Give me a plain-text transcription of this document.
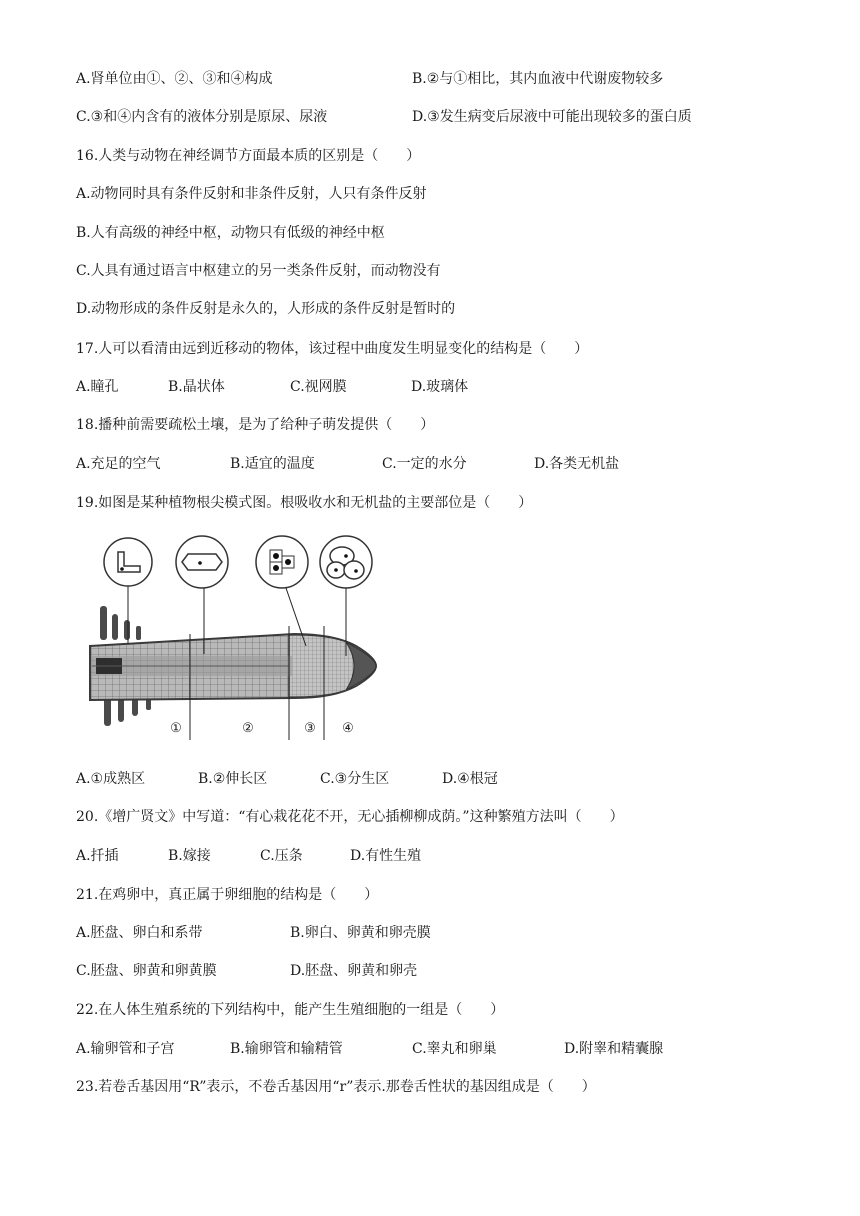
A.肾单位由①、②、③和④构成	B.②与①相比，其内血液中代谢废物较多
C.③和④内含有的液体分别是原尿、尿液	D.③发生病变后尿液中可能出现较多的蛋白质
16.人类与动物在神经调节方面最本质的区别是（　　）
A.动物同时具有条件反射和非条件反射，人只有条件反射
B.人有高级的神经中枢，动物只有低级的神经中枢
C.人具有通过语言中枢建立的另一类条件反射，而动物没有
D.动物形成的条件反射是永久的，人形成的条件反射是暂时的
17.人可以看清由远到近移动的物体，该过程中曲度发生明显变化的结构是（　　）
A.瞳孔	B.晶状体	C.视网膜	D.玻璃体
18.播种前需要疏松土壤，是为了给种子萌发提供（　　）
A.充足的空气	B.适宜的温度	C.一定的水分	D.各类无机盐
19.如图是某种植物根尖模式图。根吸收水和无机盐的主要部位是（　　）
①	②	③ ④
A.①成熟区	B.②伸长区	C.③分生区	D.④根冠
20.《增广贤文》中写道：“有心栽花花不开，无心插柳柳成荫。”这种繁殖方法叫（　　）
A.扦插	B.嫁接	C.压条	D.有性生殖
21.在鸡卵中，真正属于卵细胞的结构是（　　）
A.胚盘、卵白和系带	B.卵白、卵黄和卵壳膜
C.胚盘、卵黄和卵黄膜	D.胚盘、卵黄和卵壳
22.在人体生殖系统的下列结构中，能产生生殖细胞的一组是（　　）
A.输卵管和子宫	B.输卵管和输精管	C.睾丸和卵巢	D.附睾和精囊腺
23.若卷舌基因用“R”表示，不卷舌基因用“r”表示.那卷舌性状的基因组成是（　　）
